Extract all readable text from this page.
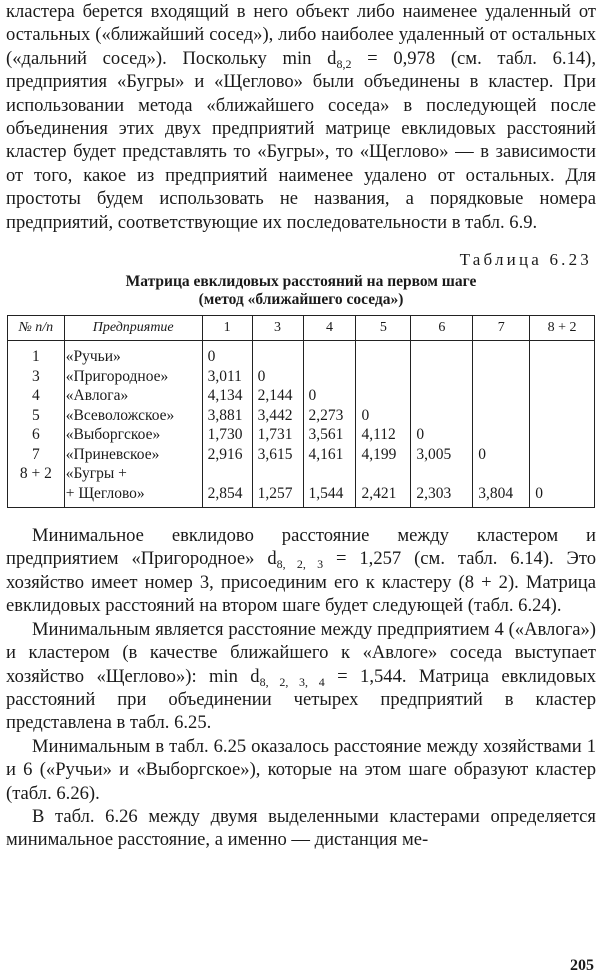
кластера берется входящий в него объект либо наименее удаленный от остальных («ближайший сосед»), либо наиболее удаленный от остальных («дальний сосед»). Поскольку $\min d_{8,2} = 0,978$ (см. табл. 6.14), предприятия «Бугры» и «Щеглово» были объединены в кластер. При использовании метода «ближайшего соседа» в последующей после объединения этих двух предприятий матрице евклидовых расстояний кластер будет представлять то «Бугры», то «Щеглово» — в зависимости от того, какое из предприятий наименее удалено от остальных. Для простоты будем использовать не названия, а порядковые номера предприятий, соответствующие их последовательности в табл. 6.9.

Таблица 6.23
Матрица евклидовых расстояний на первом шаге
(метод «ближайшего соседа»)
№ п/п	Предприятие	1	3	4	5	6	7	8 + 2
1	«Ручьи»	0						
3	«Пригородное»	3,011	0					
4	«Авлога»	4,134	2,144	0				
5	«Всеволожское»	3,881	3,442	2,273	0			
6	«Выборгское»	1,730	1,731	3,561	4,112	0		
7	«Приневское»	2,916	3,615	4,161	4,199	3,005	0	
8 + 2	«Бугры +							
	+ Щеглово»	2,854	1,257	1,544	2,421	2,303	3,804	0

Минимальное евклидово расстояние между кластером и предприятием «Пригородное» $d_{8, 2, 3} = 1,257$ (см. табл. 6.14). Это хозяйство имеет номер 3, присоединим его к кластеру (8 + 2). Матрица евклидовых расстояний на втором шаге будет следующей (табл. 6.24).

Минимальным является расстояние между предприятием 4 («Авлога») и кластером (в качестве ближайшего к «Авлоге» соседа выступает хозяйство «Щеглово»): $\min d_{8, 2, 3, 4} = 1,544$. Матрица евклидовых расстояний при объединении четырех предприятий в кластер представлена в табл. 6.25.

Минимальным в табл. 6.25 оказалось расстояние между хозяйствами 1 и 6 («Ручьи» и «Выборгское»), которые на этом шаге образуют кластер (табл. 6.26).

В табл. 6.26 между двумя выделенными кластерами определяется минимальное расстояние, а именно — дистанция ме-

205
